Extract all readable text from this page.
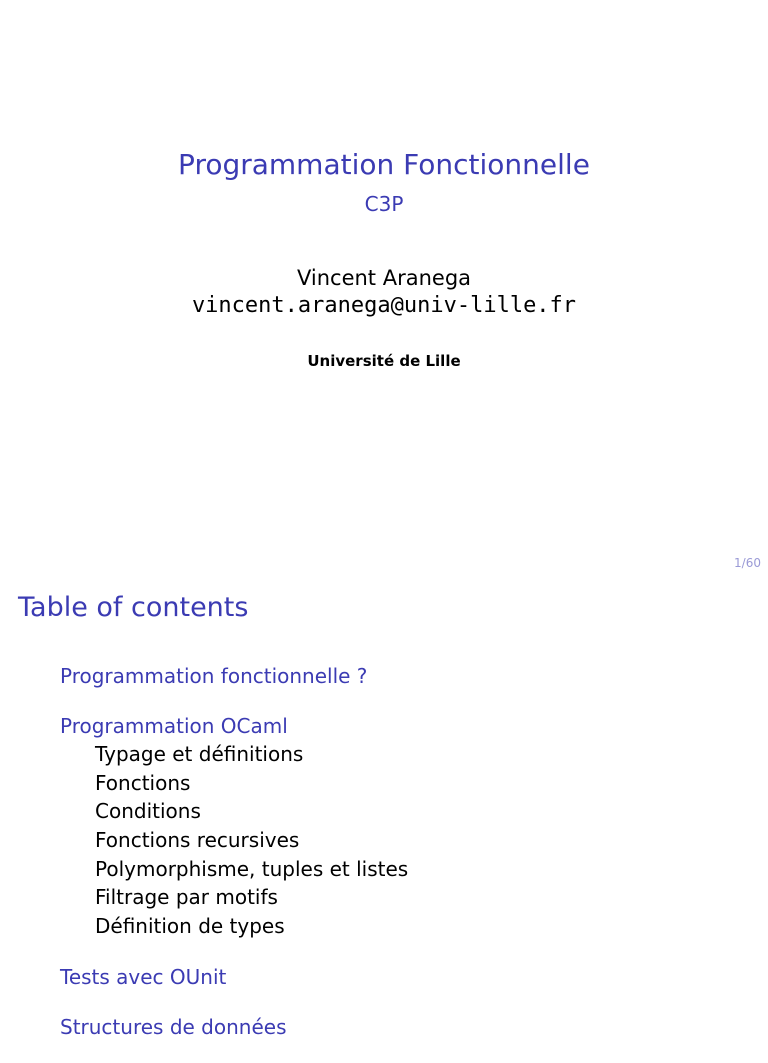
Programmation Fonctionnelle
C3P
Vincent Aranega
vincent.aranega@univ-lille.fr
Université de Lille
1/60
Table of contents
Programmation fonctionnelle ?
Programmation OCaml
Typage et définitions
Fonctions
Conditions
Fonctions recursives
Polymorphisme, tuples et listes
Filtrage par motifs
Définition de types
Tests avec OUnit
Structures de données
